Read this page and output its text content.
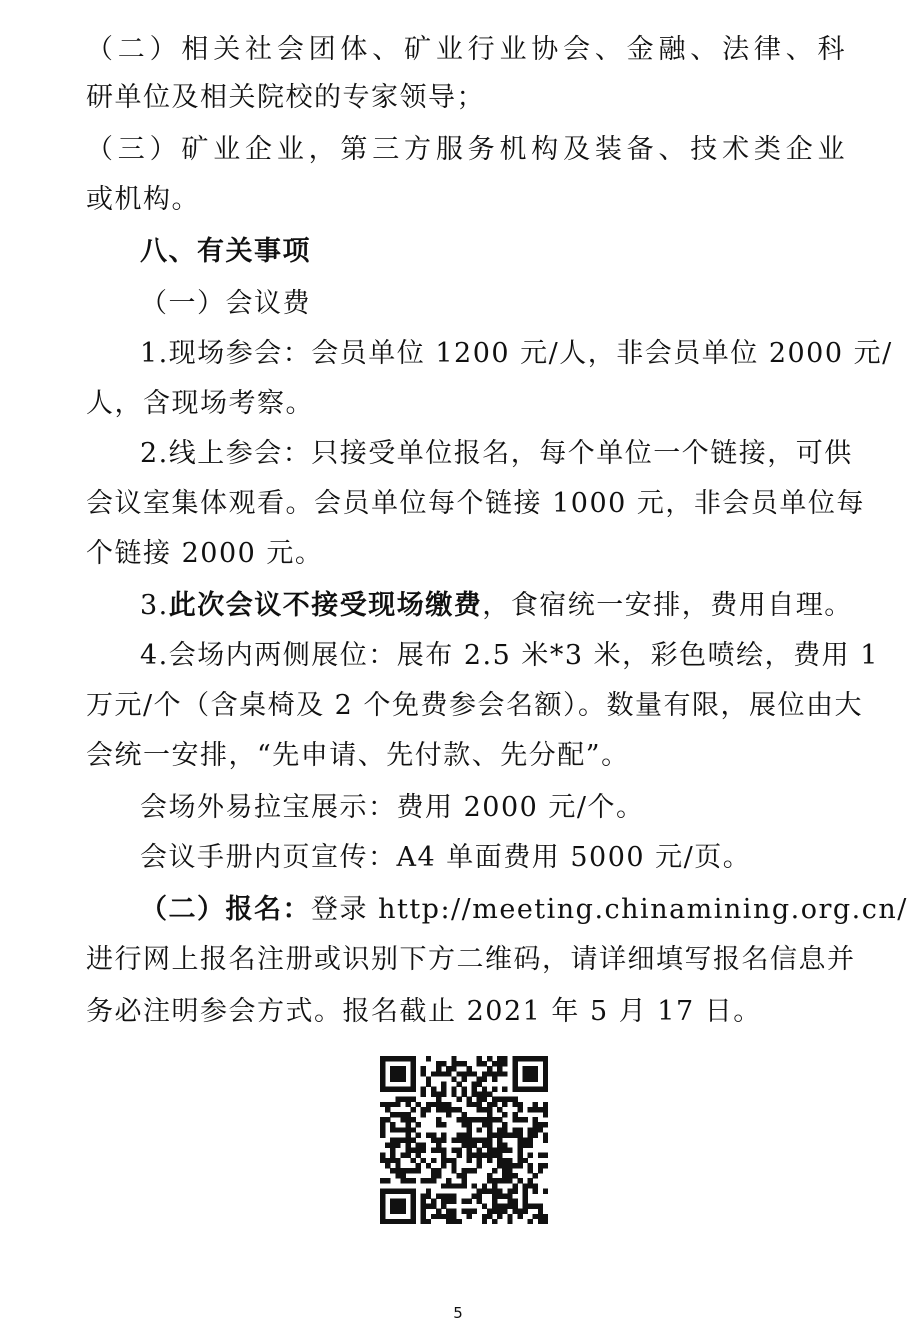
（二）相关社会团体、矿业行业协会、金融、法律、科
研单位及相关院校的专家领导；
（三）矿业企业，第三方服务机构及装备、技术类企业
或机构。
八、有关事项
（一）会议费
1.现场参会：会员单位 1200 元/人，非会员单位 2000 元/
人，含现场考察。
2.线上参会：只接受单位报名，每个单位一个链接，可供
会议室集体观看。会员单位每个链接 1000 元，非会员单位每
个链接 2000 元。
3.此次会议不接受现场缴费，食宿统一安排，费用自理。
4.会场内两侧展位：展布 2.5 米*3 米，彩色喷绘，费用 1
万元/个（含桌椅及 2 个免费参会名额）。数量有限，展位由大
会统一安排，“先申请、先付款、先分配”。
会场外易拉宝展示：费用 2000 元/个。
会议手册内页宣传：A4 单面费用 5000 元/页。
（二）报名：登录 http://meeting.chinamining.org.cn/
进行网上报名注册或识别下方二维码，请详细填写报名信息并
务必注明参会方式。报名截止 2021 年 5 月 17 日。
5
